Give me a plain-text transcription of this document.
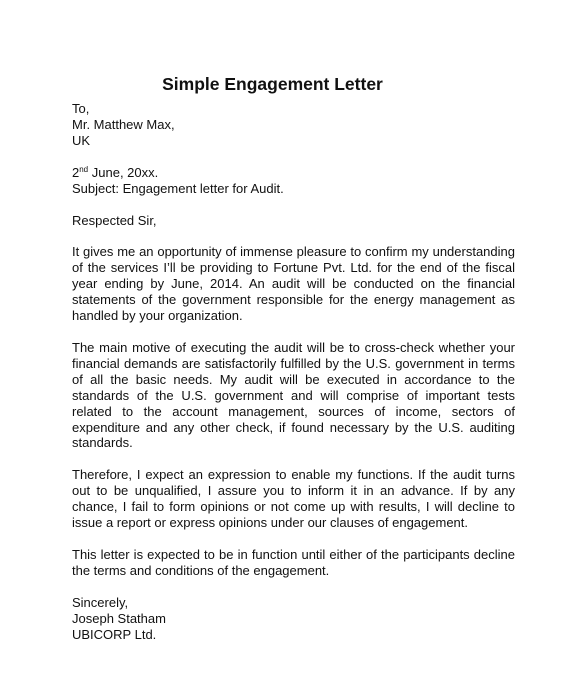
Simple Engagement Letter
To,
Mr. Matthew Max,
UK
2nd June, 20xx.
Subject: Engagement letter for Audit.
Respected Sir,

It gives me an opportunity of immense pleasure to confirm my understanding of the services I’ll be providing to Fortune Pvt. Ltd. for the end of the fiscal year ending by June, 2014. An audit will be conducted on the financial statements of the government responsible for the energy management as handled by your organization.

The main motive of executing the audit will be to cross-check whether your financial demands are satisfactorily fulfilled by the U.S. government in terms of all the basic needs. My audit will be executed in accordance to the standards of the U.S. government and will comprise of important tests related to the account management, sources of income, sectors of expenditure and any other check, if found necessary by the U.S. auditing standards.

Therefore, I expect an expression to enable my functions. If the audit turns out to be unqualified, I assure you to inform it in an advance. If by any chance, I fail to form opinions or not come up with results, I will decline to issue a report or express opinions under our clauses of engagement.

This letter is expected to be in function until either of the participants decline the terms and conditions of the engagement.

Sincerely,
Joseph Statham
UBICORP Ltd.
